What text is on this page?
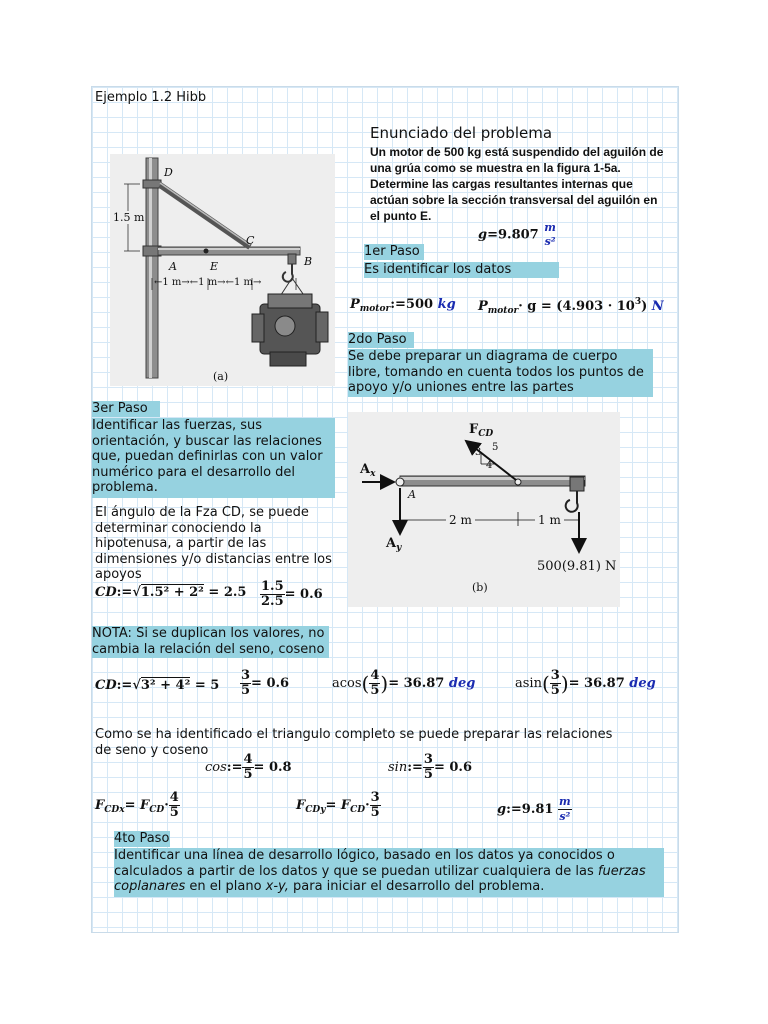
Ejemplo 1.2 Hibb
D
C
A	E	B
1.5 m
←1 m→←1 m→←1 m→
(a)
Enunciado del problema
Un motor de 500 kg está suspendido del aguilón de una grúa como se muestra en la figura 1-5a. Determine las cargas resultantes internas que actúan sobre la sección transversal del aguilón en el punto E.
g=9.807 m
s²
1er Paso
Es identificar los datos
$P_{motor}:=500$ kg $P_{motor}\cdot g = (4.903 \cdot 10^3)$ N
2do Paso
Se debe preparar un diagrama de cuerpo libre, tomando en cuenta todos los puntos de apoyo y/o uniones entre las partes
3er Paso
Identificar las fuerzas, sus orientación, y buscar las relaciones que, puedan definirlas con un valor numérico para el desarrollo del problema.
El ángulo de la Fza CD, se puede determinar conociendo la hipotenusa, a partir de las dimensiones y/o distancias entre los apoyos
$F_{CD}$
3 5
4
$A_x$
$A_y$
A
2 m	1 m
500(9.81) N
(b)
CD:=√1.5² + $2^2 = 2.5 \frac{1.5}{2.5} = 0.6$
NOTA: Si se duplican los valores, no cambia la relación del seno, coseno
CD:=√3² + $4^2 = 5 \frac{3}{5} = 0.6$	$acos( \frac{4}{5}$ )= 36.87 deg	$asin( \frac{3}{5}$ )= 36.87 deg
Como se ha identificado el triangulo completo se puede preparar las relaciones de seno y coseno
cos:= $\frac{4}{5} = 0.8$	sin:= $\frac{3}{5} = 0.6$
$F_{CDx}= F_{CD}\cdot \frac{4}{5}$	$F_{CDy}= F_{CD}\cdot \frac{3}{5}$	g:=9.81 $\frac{m}{\text{s²}}$
4to Paso
Identificar una línea de desarrollo lógico, basado en los datos ya conocidos o calculados a partir de los datos y que se puedan utilizar cualquiera de las fuerzas coplanares en el plano x-y, para iniciar el desarrollo del problema.
